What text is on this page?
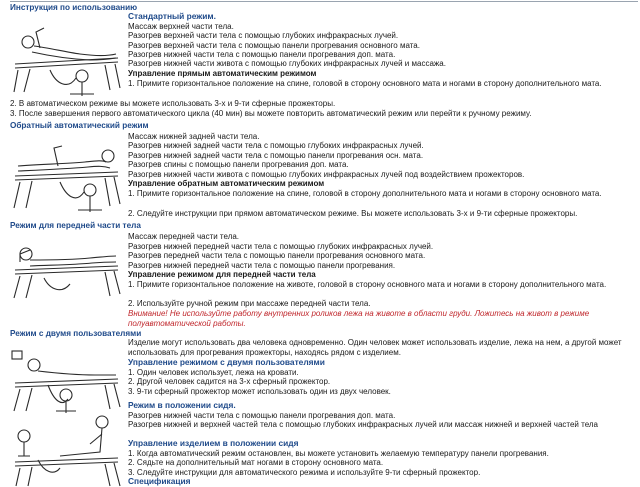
Инструкция по использованию
Стандартный режим.
Массаж верхней части тела.
Разогрев верхней части тела с помощью глубоких инфракрасных лучей.
Разогрев верхней части тела с помощью панели прогревания основного мата.
Разогрев нижней части тела с помощью панели прогревания доп. мата.
Разогрев нижней части живота с помощью глубоких инфракрасных лучей и массажа.
Управление прямым автоматическим режимом
1. Примите горизонтальное положение на спине, головой в сторону основного мата и ногами в сторону дополнительного мата.
2. В автоматическом режиме вы можете использовать 3-х и 9-ти сферные прожекторы.
3. После завершения первого автоматического цикла (40 мин) вы можете повторить автоматический режим или перейти к ручному режиму.
Обратный автоматический режим
Массаж нижней задней части тела.
Разогрев нижней задней части тела с помощью глубоких инфракрасных лучей.
Разогрев нижней задней части тела с помощью панели прогревания осн. мата.
Разогрев спины с помощью панели прогревания доп. мата.
Разогрев нижней части живота с помощью глубоких инфракрасных лучей под воздействием прожекторов.
Управление обратным автоматическим режимом
1. Примите горизонтальное положение на спине, головой в сторону дополнительного мата и ногами в сторону основного мата.
2. Следуйте инструкции при прямом автоматическом режиме. Вы можете использовать 3-х и 9-ти сферные прожекторы.
Режим для передней части тела
Массаж передней части тела.
Разогрев нижней передней части тела с помощью глубоких инфракрасных лучей.
Разогрев передней части тела с помощью панели прогревания основного мата.
Разогрев нижней передней части тела с помощью панели прогревания.
Управление режимом для передней части тела
1. Примите горизонтальное положение на животе, головой в сторону основного мата и ногами в сторону дополнительного мата.
2. Используйте ручной режим при массаже передней части тела.
Внимание! Не используйте работу внутренних роликов лежа на животе в области груди. Ложитесь на живот в режиме полуавтоматической работы.
Режим с двумя пользователями
Изделие могут использовать два человека одновременно. Один человек может использовать изделие, лежа на нем, а другой может использовать для прогревания прожекторы, находясь рядом с изделием.
Управление режимом с двумя пользователями
1. Один человек использует, лежа на кровати.
2. Другой человек садится на 3-х сферный прожектор.
3. 9-ти сферный прожектор может использовать один из двух человек.
Режим в положении сидя.
Разогрев нижней части тела с помощью панели прогревания доп. мата.
Разогрев нижней и верхней частей тела с помощью глубоких инфракрасных лучей или массаж нижней и верхней частей тела
Управление изделием в положении сидя
1. Когда автоматический режим остановлен, вы можете установить желаемую температуру панели прогревания.
2. Сядьте на дополнительный мат ногами в сторону основного мата.
3. Следуйте инструкции для автоматического режима и используйте 9-ти сферный прожектор.
Спецификация
